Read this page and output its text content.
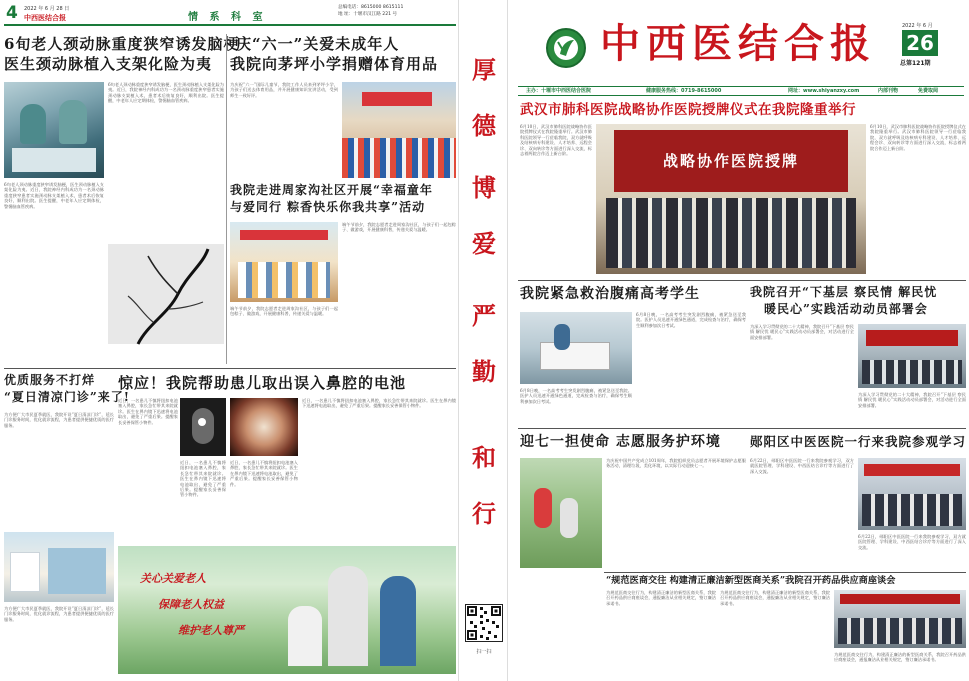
4 2022 年 6 月 28 日
中西医结合报	情 系 科 室
总编电话：8615000 8615111
地 址：十堰市汉江路 221 号
6旬老人颈动脉重度狭窄诱发脑梗
医生颈动脉植入支架化险为夷
6旬老人颈动脉重度狭窄诱发脑梗，医生颈动脉植入支架化险为夷。近日，我院神经内科成功为一名颈动脉重度狭窄患者实施颈动脉支架植入术，患者术后恢复良好，顺利出院。医生提醒，中老年人应定期体检，警惕脑血管疾病。
6旬老人颈动脉重度狭窄诱发脑梗，医生颈动脉植入支架化险为夷。近日，我院神经内科成功为一名颈动脉重度狭窄患者实施颈动脉支架植入术，患者术后恢复良好，顺利出院。医生提醒，中老年人应定期体检，警惕脑血管疾病。
庆“六一”关爱未成年人
我院向茅坪小学捐赠体育用品
为庆祝“六一”国际儿童节，我院工作人员来到茅坪小学，为孩子们送去体育用品，并开展健康知识宣讲活动，受到师生一致好评。
我院走进周家沟社区开展“幸福童年
与爱同行 粽香快乐你我共享”活动
端午节前夕，我院志愿者走进周家沟社区，与孩子们一起包粽子、做游戏，开展健康科普，传递关爱与温暖。
端午节前夕，我院志愿者走进周家沟社区，与孩子们一起包粽子、做游戏，开展健康科普，传递关爱与温暖。
优质服务不打烊
“夏日清凉门诊”来了!
为方便广大市民夏季就医，我院开设“夏日清凉门诊”，延长门诊服务时间，优化就诊流程，为患者提供便捷优质的医疗服务。
为方便广大市民夏季就医，我院开设“夏日清凉门诊”，延长门诊服务时间，优化就诊流程，为患者提供便捷优质的医疗服务。
惊应！我院帮助患儿取出误入鼻腔的电池
近日，一名患儿不慎将纽扣电池塞入鼻腔，家长急忙带其来院就诊。医生在鼻内镜下迅速将电池取出，避免了严重后果。提醒家长妥善保管小物件。
近日，一名患儿不慎将纽扣电池塞入鼻腔，家长急忙带其来院就诊。医生在鼻内镜下迅速将电池取出，避免了严重后果。提醒家长妥善保管小物件。
近日，一名患儿不慎将纽扣电池塞入鼻腔，家长急忙带其来院就诊。医生在鼻内镜下迅速将电池取出，避免了严重后果。提醒家长妥善保管小物件。
近日，一名患儿不慎将纽扣电池塞入鼻腔，家长急忙带其来院就诊。医生在鼻内镜下迅速将电池取出，避免了严重后果。提醒家长妥善保管小物件。
关心关爱老人
保障老人权益
维护老人尊严
厚
德
博
爱
严
勤
和
行
扫一扫
中西医结合报	2022 年 6 月
26
总第121期
主办：十堰市中西医结合医院	健康服务热线：0719-8615000	网址：www.shiyanzxy.com	内部刊物	免费取阅
武汉市肺科医院战略协作医院授牌仪式在我院隆重举行
6月10日，武汉市肺科医院战略协作医院授牌仪式在我院隆重举行。武汉市肺科医院领导一行莅临我院，双方就呼吸及结核病专科建设、人才培养、远程会诊、双向转诊等方面进行深入交流，标志着两院合作迈上新台阶。	战略协作医院授牌
6月10日，武汉市肺科医院战略协作医院授牌仪式在我院隆重举行。武汉市肺科医院领导一行莅临我院，双方就呼吸及结核病专科建设、人才培养、远程会诊、双向转诊等方面进行深入交流，标志着两院合作迈上新台阶。
我院紧急救治腹痛高考学生
6月8日晚，一名高考考生突发剧烈腹痛，被紧急送至我院。医护人员迅速开通绿色通道，完成检查与治疗，确保考生顺利参加次日考试。
6月8日晚，一名高考考生突发剧烈腹痛，被紧急送至我院。医护人员迅速开通绿色通道，完成检查与治疗，确保考生顺利参加次日考试。
我院召开“下基层 察民情 解民忧
暖民心”实践活动动员部署会
为深入学习贯彻党的二十大精神，我院召开“下基层 察民情 解民忧 暖民心”实践活动动员部署会，对活动进行全面安排部署。
为深入学习贯彻党的二十大精神，我院召开“下基层 察民情 解民忧 暖民心”实践活动动员部署会，对活动进行全面安排部署。
迎七一担使命 志愿服务护环境
为庆祝中国共产党成立101周年，我院组织党员志愿者开展环境保护志愿服务活动，清理垃圾，美化环境，以实际行动迎接七一。
郧阳区中医医院一行来我院参观学习
6月22日，郧阳区中医医院一行来我院参观学习，双方就医院管理、学科建设、中西医结合诊疗等方面进行了深入交流。
6月22日，郧阳区中医医院一行来我院参观学习，双方就医院管理、学科建设、中西医结合诊疗等方面进行了深入交流。
“规范医商交往 构建清正廉洁新型医商关系”我院召开药品供应商座谈会
为规范医商交往行为，构建清正廉洁的新型医商关系，我院召开药品供应商座谈会，通报廉洁从业相关规定，签订廉洁承诺书。
为规范医商交往行为，构建清正廉洁的新型医商关系，我院召开药品供应商座谈会，通报廉洁从业相关规定，签订廉洁承诺书。
为规范医商交往行为，构建清正廉洁的新型医商关系，我院召开药品供应商座谈会，通报廉洁从业相关规定，签订廉洁承诺书。
